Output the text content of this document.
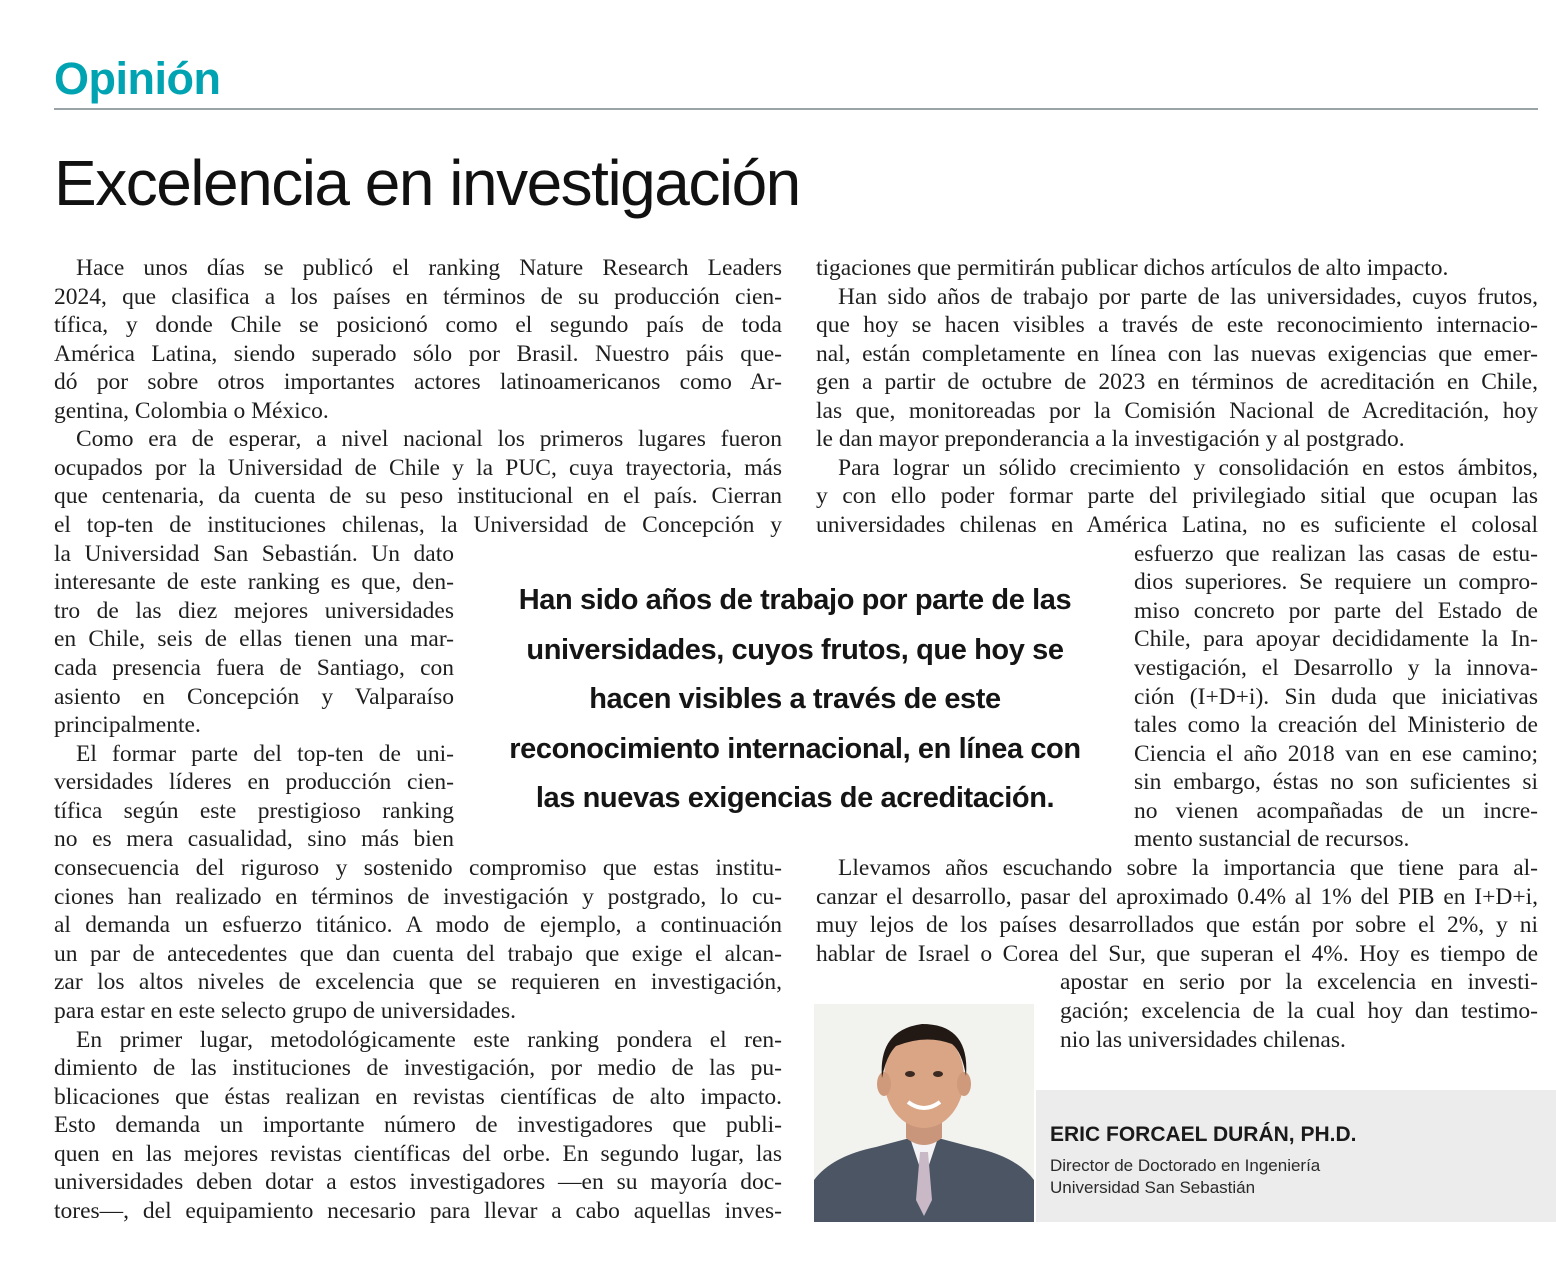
Opinión
Excelencia en investigación

Hace unos días se publicó el ranking Nature Research Leaders

2024, que clasifica a los países en términos de su producción cien-

tífica, y donde Chile se posicionó como el segundo país de toda

América Latina, siendo superado sólo por Brasil. Nuestro páis que-

dó por sobre otros importantes actores latinoamericanos como Ar-

gentina, Colombia o México.

Como era de esperar, a nivel nacional los primeros lugares fueron

ocupados por la Universidad de Chile y la PUC, cuya trayectoria, más

que centenaria, da cuenta de su peso institucional en el país. Cierran

el top-ten de instituciones chilenas, la Universidad de Concepción y

la Universidad San Sebastián. Un dato

interesante de este ranking es que, den-

tro de las diez mejores universidades

en Chile, seis de ellas tienen una mar-

cada presencia fuera de Santiago, con

asiento en Concepción y Valparaíso

principalmente.

El formar parte del top-ten de uni-

versidades líderes en producción cien-

tífica según este prestigioso ranking

no es mera casualidad, sino más bien

consecuencia del riguroso y sostenido compromiso que estas institu-

ciones han realizado en términos de investigación y postgrado, lo cu-

al demanda un esfuerzo titánico. A modo de ejemplo, a continuación

un par de antecedentes que dan cuenta del trabajo que exige el alcan-

zar los altos niveles de excelencia que se requieren en investigación,

para estar en este selecto grupo de universidades.

En primer lugar, metodológicamente este ranking pondera el ren-

dimiento de las instituciones de investigación, por medio de las pu-

blicaciones que éstas realizan en revistas científicas de alto impacto.

Esto demanda un importante número de investigadores que publi-

quen en las mejores revistas científicas del orbe. En segundo lugar, las

universidades deben dotar a estos investigadores —en su mayoría doc-

tores—, del equipamiento necesario para llevar a cabo aquellas inves-

tigaciones que permitirán publicar dichos artículos de alto impacto.

Han sido años de trabajo por parte de las universidades, cuyos frutos,

que hoy se hacen visibles a través de este reconocimiento internacio-

nal, están completamente en línea con las nuevas exigencias que emer-

gen a partir de octubre de 2023 en términos de acreditación en Chile,

las que, monitoreadas por la Comisión Nacional de Acreditación, hoy

le dan mayor preponderancia a la investigación y al postgrado.

Para lograr un sólido crecimiento y consolidación en estos ámbitos,

y con ello poder formar parte del privilegiado sitial que ocupan las

universidades chilenas en América Latina, no es suficiente el colosal

esfuerzo que realizan las casas de estu-

dios superiores. Se requiere un compro-

miso concreto por parte del Estado de

Chile, para apoyar decididamente la In-

vestigación, el Desarrollo y la innova-

ción (I+D+i). Sin duda que iniciativas

tales como la creación del Ministerio de

Ciencia el año 2018 van en ese camino;

sin embargo, éstas no son suficientes si

no vienen acompañadas de un incre-

mento sustancial de recursos.

Llevamos años escuchando sobre la importancia que tiene para al-

canzar el desarrollo, pasar del aproximado 0.4% al 1% del PIB en I+D+i,

muy lejos de los países desarrollados que están por sobre el 2%, y ni

hablar de Israel o Corea del Sur, que superan el 4%. Hoy es tiempo de

apostar en serio por la excelencia en investi-

gación; excelencia de la cual hoy dan testimo-

nio las universidades chilenas.

Han sido años de trabajo por parte de las universidades, cuyos frutos, que hoy se hacen visibles a través de este reconocimiento internacional, en línea con las nuevas exigencias de acreditación.

ERIC FORCAEL DURÁN, PH.D.

Director de Doctorado en Ingeniería

Universidad San Sebastián
